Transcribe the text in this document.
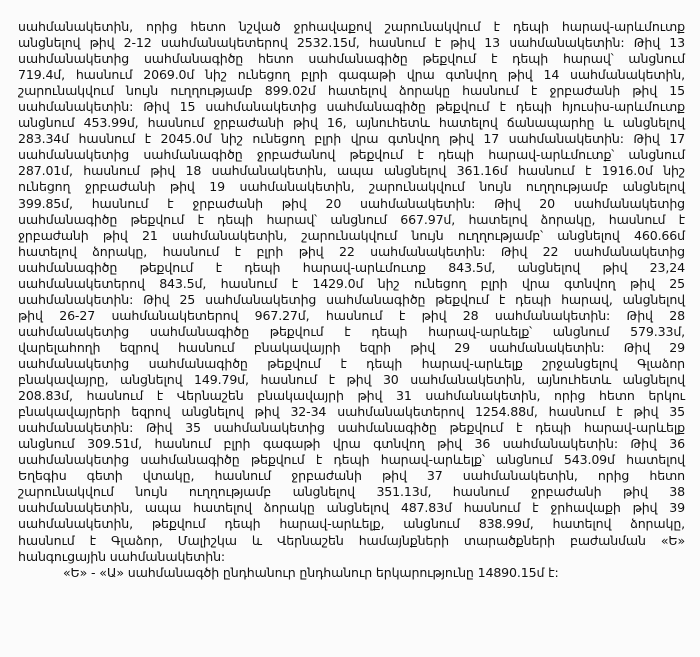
սահմանակետին, որից հետո նշված ջրհավաքով շարունակվում է դեպի հարավ-արևմուտք
անցնելով թիվ 2-12 սահմանակետերով 2532.15մ, հասնում է թիվ 13 սահմանակետին: Թիվ 13
սահմանակետից սահմանագիծը հետո սահմանագիծը թեքվում է դեպի հարավ՝ անցնում
719.4մ, հասնում 2069.0մ նիշ ունեցող բլրի գագաթի վրա գտնվող թիվ 14 սահմանակետին,
շարունակվում նույն ուղղությամբ 899.02մ հատելով ձորակը հասնում է ջրբաժանի թիվ 15
սահմանակետին: Թիվ 15 սահմանակետից սահմանագիծը թեքվում է դեպի հյուսիս-արևմուտք
անցնում 453.99մ, հասնում ջրբաժանի թիվ 16, այնուհետև հատելով ճանապարհը և անցնելով
283.34մ հասնում է 2045.0մ նիշ ունեցող բլրի վրա գտնվող թիվ 17 սահմանակետին: Թիվ 17
սահմանակետից սահմանագիծը ջրբաժանով թեքվում է դեպի հարավ-արևմուտք՝ անցնում
287.01մ, հասնում թիվ 18 սահմանակետին, ապա անցնելով 361.16մ հասնում է 1916.0մ նիշ
ունեցող ջրբաժանի թիվ 19 սահմանակետին, շարունակվում նույն ուղղությամբ անցնելով
399.85մ, հասնում է ջրբաժանի թիվ 20 սահմանակետին: Թիվ 20 սահմանակետից
սահմանագիծը թեքվում է դեպի հարավ՝ անցնում 667.97մ, հատելով ձորակը, հասնում է
ջրբաժանի թիվ 21 սահմանակետին, շարունակվում նույն ուղղությամբ՝ անցնելով 460.66մ
հատելով ձորակը, հասնում է բլրի թիվ 22 սահմանակետին: Թիվ 22 սահմանակետից
սահմանագիծը թեքվում է դեպի հարավ-արևմուտք 843.5մ, անցնելով թիվ 23,24
սահմանակետերով 843.5մ, հասնում է 1429.0մ նիշ ունեցող բլրի վրա գտնվող թիվ 25
սահմանակետին: Թիվ 25 սահմանակետից սահմանագիծը թեքվում է դեպի հարավ, անցնելով
թիվ 26-27 սահմանակետերով 967.27մ, հասնում է թիվ 28 սահմանակետին: Թիվ 28
սահմանակետից սահմանագիծը թեքվում է դեպի հարավ-արևելք՝ անցնում 579.33մ,
վարելահողի եզրով հասնում բնակավայրի եզրի թիվ 29 սահմանակետին: Թիվ 29
սահմանակետից սահմանագիծը թեքվում է դեպի հարավ-արևելք շրջանցելով Գլաձոր
բնակավայրը, անցնելով 149.79մ, հասնում է թիվ 30 սահմանակետին, այնուհետև անցնելով
208.83մ, հասնում է Վերնաշեն բնակավայրի թիվ 31 սահմանակետին, որից հետո երկու
բնակավայրերի եզրով անցնելով թիվ 32-34 սահմանակետերով 1254.88մ, հասնում է թիվ 35
սահմանակետին: Թիվ 35 սահմանակետից սահմանագիծը թեքվում է դեպի հարավ-արևելք
անցնում 309.51մ, հասնում բլրի գագաթի վրա գտնվող թիվ 36 սահմանակետին: Թիվ 36
սահմանակետից սահմանագիծը թեքվում է դեպի հարավ-արևելք՝ անցնում 543.09մ հատելով
Եղեգիս գետի վտակը, հասնում ջրբաժանի թիվ 37 սահմանակետին, որից հետո
շարունակվում նույն ուղղությամբ անցնելով 351.13մ, հասնում ջրբաժանի թիվ 38
սահմանակետին, ապա հատելով ձորակը անցնելով 487.83մ հասնում է ջրհավաքի թիվ 39
սահմանակետին, թեքվում դեպի հարավ-արևելք, անցնում 838.99մ, հատելով ձորակը,
հասնում է Գլաձոր, Մալիշկա և Վերնաշեն համայնքների տարածքների բաժանման «Ե»
հանգուցային սահմանակետին:
«Ե» - «Ա» սահմանագծի ընդհանուր ընդհանուր երկարությունը 14890.15մ է:
